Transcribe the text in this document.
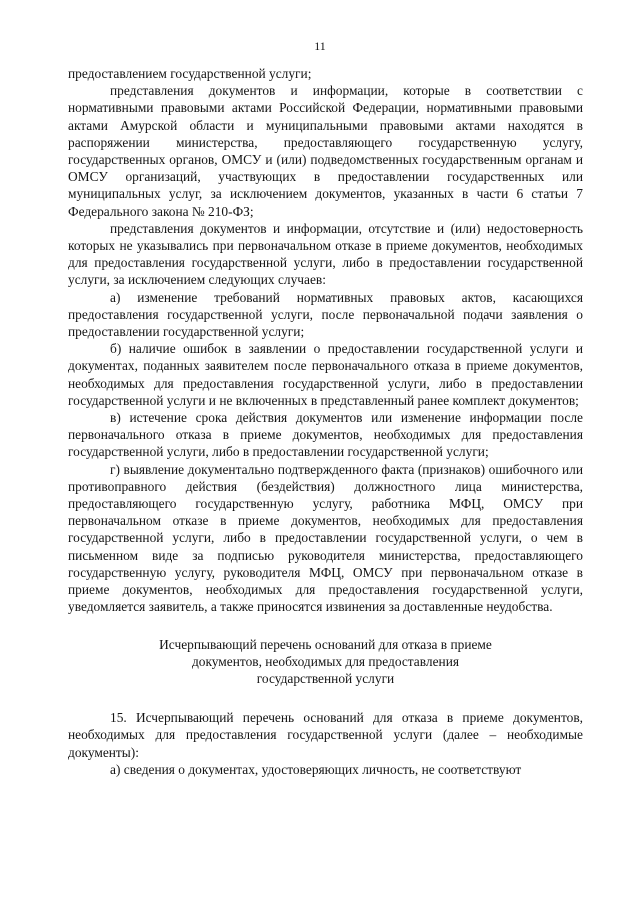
11

предоставлением государственной услуги;

представления документов и информации, которые в соответствии с нормативными правовыми актами Российской Федерации, нормативными правовыми актами Амурской области и муниципальными правовыми актами находятся в распоряжении министерства, предоставляющего государственную услугу, государственных органов, ОМСУ и (или) подведомственных государственным органам и ОМСУ организаций, участвующих в предоставлении государственных или муниципальных услуг, за исключением документов, указанных в части 6 статьи 7 Федерального закона № 210-ФЗ;

представления документов и информации, отсутствие и (или) недостоверность которых не указывались при первоначальном отказе в приеме документов, необходимых для предоставления государственной услуги, либо в предоставлении государственной услуги, за исключением следующих случаев:

а) изменение требований нормативных правовых актов, касающихся предоставления государственной услуги, после первоначальной подачи заявления о предоставлении государственной услуги;

б) наличие ошибок в заявлении о предоставлении государственной услуги и документах, поданных заявителем после первоначального отказа в приеме документов, необходимых для предоставления государственной услуги, либо в предоставлении государственной услуги и не включенных в представленный ранее комплект документов;

в) истечение срока действия документов или изменение информации после первоначального отказа в приеме документов, необходимых для предоставления государственной услуги, либо в предоставлении государственной услуги;

г) выявление документально подтвержденного факта (признаков) ошибочного или противоправного действия (бездействия) должностного лица министерства, предоставляющего государственную услугу, работника МФЦ, ОМСУ при первоначальном отказе в приеме документов, необходимых для предоставления государственной услуги, либо в предоставлении государственной услуги, о чем в письменном виде за подписью руководителя министерства, предоставляющего государственную услугу, руководителя МФЦ, ОМСУ при первоначальном отказе в приеме документов, необходимых для предоставления государственной услуги, уведомляется заявитель, а также приносятся извинения за доставленные неудобства.

Исчерпывающий перечень оснований для отказа в приеме
документов, необходимых для предоставления
государственной услуги

15. Исчерпывающий перечень оснований для отказа в приеме документов, необходимых для предоставления государственной услуги (далее – необходимые документы):

а) сведения о документах, удостоверяющих личность, не соответствуют
